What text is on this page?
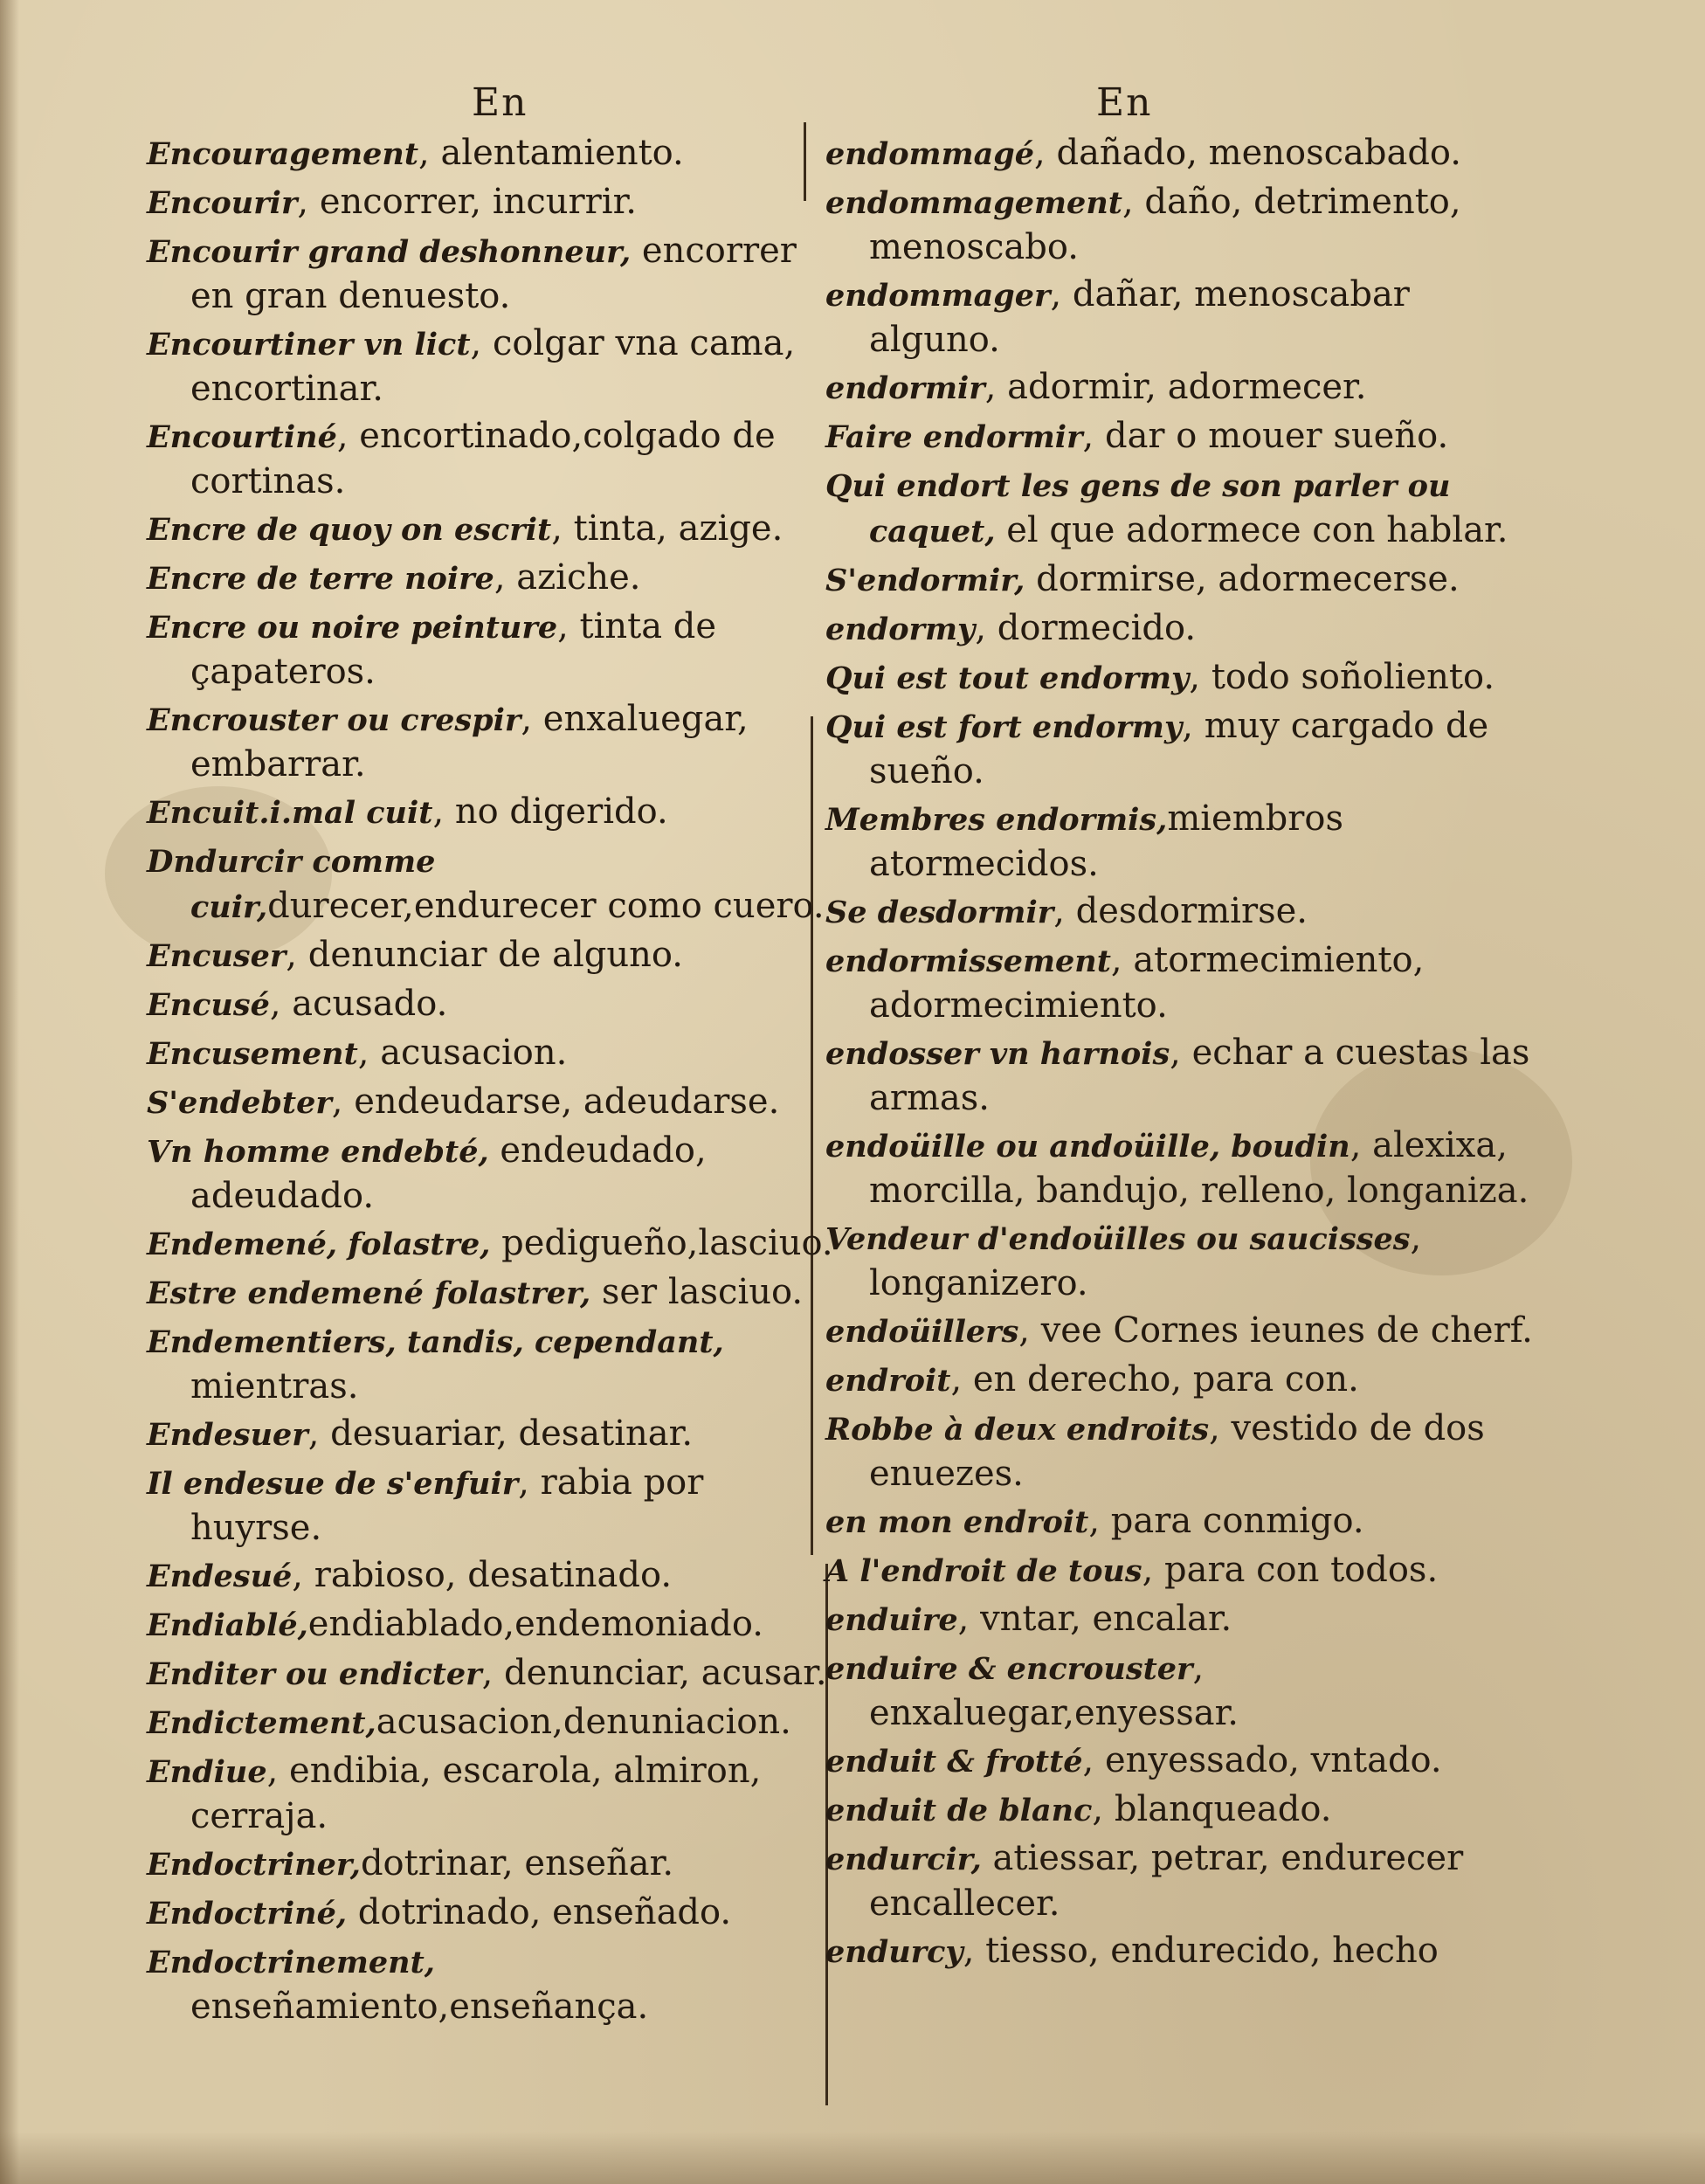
En	En

Encouragement, alentamiento.

Encourir, encorrer, incurrir.

Encourir grand deshonneur, encorrer en gran denuesto.

Encourtiner vn lict, colgar vna cama, encortinar.

Encourtiné, encortinado,colgado de cortinas.

Encre de quoy on escrit, tinta, azige.

Encre de terre noire, aziche.

Encre ou noire peinture, tinta de çapateros.

Encrouster ou crespir, enxaluegar, embarrar.

Encuit.i.mal cuit, no digerido.

Dndurcir comme cuir,durecer,endurecer como cuero.

Encuser, denunciar de alguno.

Encusé, acusado.

Encusement, acusacion.

S'endebter, endeudarse, adeudarse.

Vn homme endebté, endeudado, adeudado.

Endemené, folastre, pedigueño,lasciuo.

Estre endemené folastrer, ser lasciuo.

Endementiers, tandis, cependant, mientras.

Endesuer, desuariar, desatinar.

Il endesue de s'enfuir, rabia por huyrse.

Endesué, rabioso, desatinado.

Endiablé,endiablado,endemoniado.

Enditer ou endicter, denunciar, acusar.

Endictement,acusacion,denuniacion.

Endiue, endibia, escarola, almiron, cerraja.

Endoctriner,dotrinar, enseñar.

Endoctriné, dotrinado, enseñado.

Endoctrinement, enseñamiento,enseñança.

endommagé, dañado, menoscabado.

endommagement, daño, detrimento, menoscabo.

endommager, dañar, menoscabar alguno.

endormir, adormir, adormecer.

Faire endormir, dar o mouer sueño.

Qui endort les gens de son parler ou caquet, el que adormece con hablar.

S'endormir, dormirse, adormecerse.

endormy, dormecido.

Qui est tout endormy, todo soñoliento.

Qui est fort endormy, muy cargado de sueño.

Membres endormis,miembros atormecidos.

Se desdormir, desdormirse.

endormissement, atormecimiento, adormecimiento.

endosser vn harnois, echar a cuestas las armas.

endoüille ou andoüille, boudin, alexixa, morcilla, bandujo, relleno, longaniza.

Vendeur d'endoüilles ou saucisses, longanizero.

endoüillers, vee Cornes ieunes de cherf.

endroit, en derecho, para con.

Robbe à deux endroits, vestido de dos enuezes.

en mon endroit, para conmigo.

A l'endroit de tous, para con todos.

enduire, vntar, encalar.

enduire & encrouster, enxaluegar,enyessar.

enduit & frotté, enyessado, vntado.

enduit de blanc, blanqueado.

endurcir, atiessar, petrar, endurecer encallecer.

endurcy, tiesso, endurecido, hecho
